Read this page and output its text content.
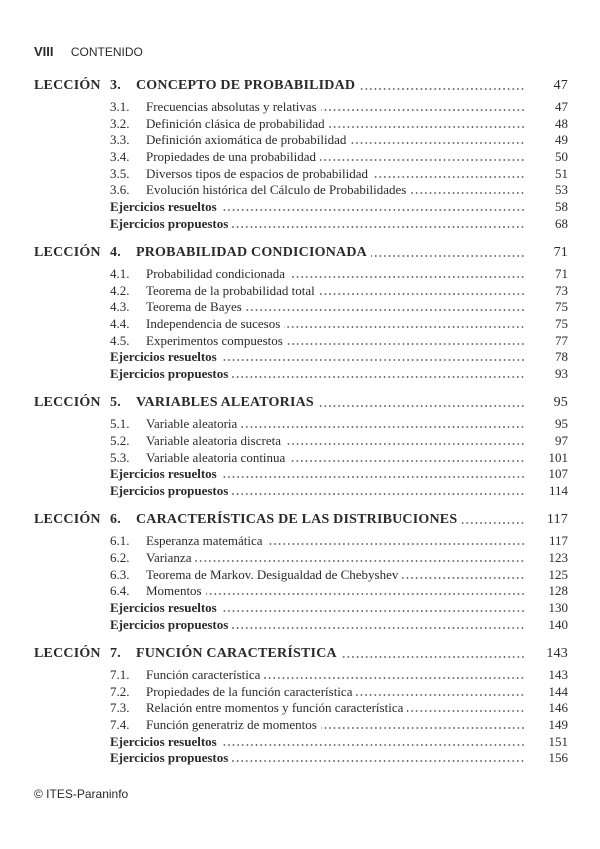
VIII CONTENIDO
LECCIÓN 3. CONCEPTO DE PROBABILIDAD	47
3.1. Frecuencias absolutas y relativas	47
3.2. Definición clásica de probabilidad	48
3.3. Definición axiomática de probabilidad	49
3.4. Propiedades de una probabilidad	50
3.5. Diversos tipos de espacios de probabilidad	51
3.6. Evolución histórica del Cálculo de Probabilidades	53
Ejercicios resueltos	58
Ejercicios propuestos	68
LECCIÓN 4. PROBABILIDAD CONDICIONADA	71
4.1. Probabilidad condicionada	71
4.2. Teorema de la probabilidad total	73
4.3. Teorema de Bayes	75
4.4. Independencia de sucesos	75
4.5. Experimentos compuestos	77
Ejercicios resueltos	78
Ejercicios propuestos	93
LECCIÓN 5. VARIABLES ALEATORIAS	95
5.1. Variable aleatoria	95
5.2. Variable aleatoria discreta	97
5.3. Variable aleatoria continua	101
Ejercicios resueltos	107
Ejercicios propuestos	114
LECCIÓN 6. CARACTERÍSTICAS DE LAS DISTRIBUCIONES	117
6.1. Esperanza matemática	117
6.2. Varianza	123
6.3. Teorema de Markov. Desigualdad de Chebyshev	125
6.4. Momentos	128
Ejercicios resueltos	130
Ejercicios propuestos	140
LECCIÓN 7. FUNCIÓN CARACTERÍSTICA	143
7.1. Función característica	143
7.2. Propiedades de la función característica	144
7.3. Relación entre momentos y función característica	146
7.4. Función generatriz de momentos	149
Ejercicios resueltos	151
Ejercicios propuestos	156
© ITES-Paraninfo
